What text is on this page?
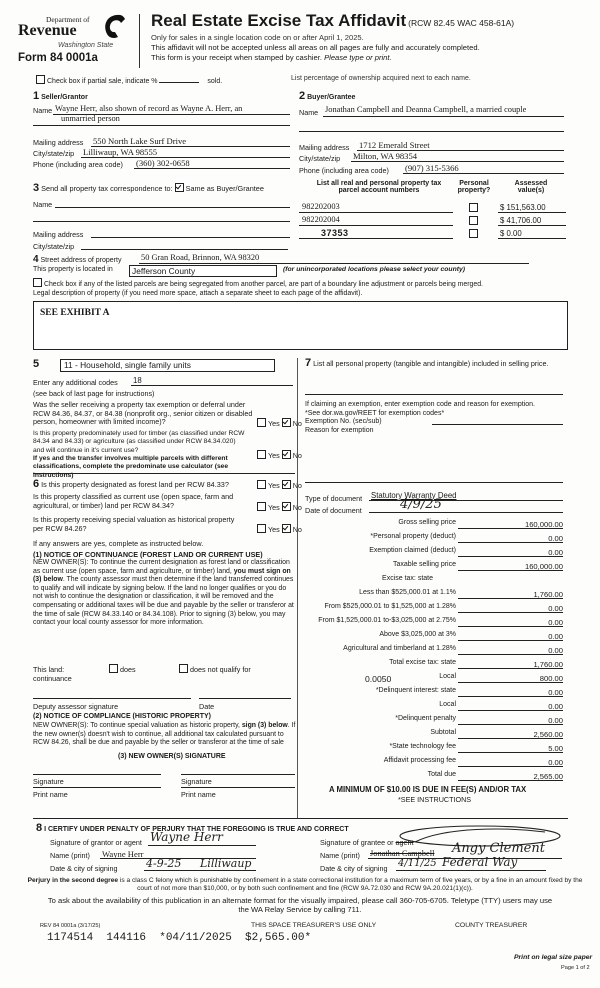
Department of
Revenue
Washington State
Form 84 0001a
Real Estate Excise Tax Affidavit (RCW 82.45 WAC 458-61A)
Only for sales in a single location code on or after April 1, 2025.
This affidavit will not be accepted unless all areas on all pages are fully and accurately completed.
This form is your receipt when stamped by cashier. Please type or print.
Check box if partial sale, indicate %	sold.	List percentage of ownership acquired next to each name.
1 Seller/Grantor
Name Wayne Herr, also shown of record as Wayne A. Herr, an
unmarried person
Mailing address 550 North Lake Surf Drive
City/state/zip Lilliwaup, WA 98555
Phone (including area code) (360) 302-0658
2 Buyer/Grantee
Name Jonathan Campbell and Deanna Campbell, a married couple
Mailing address 1712 Emerald Street
City/state/zip Milton, WA 98354
Phone (including area code) (907) 315-5366
3 Send all property tax correspondence to: Same as Buyer/Grantee
Name
Mailing address
City/state/zip
List all real and personal property tax parcel account numbers
Personal property?
Assessed value(s)
982202003	$ 151,563.00
982202004	$ 41,706.00
37353	$ 0.00
4 Street address of property 50 Gran Road, Brinnon, WA 98320
This property is located in	Jefferson County	(for unincorporated locations please select your county)
Check box if any of the listed parcels are being segregated from another parcel, are part of a boundary line adjustment or parcels being merged.
Legal description of property (if you need more space, attach a separate sheet to each page of the affidavit).
SEE EXHIBIT A
5	11 - Household, single family units
Enter any additional codes 18
(see back of last page for instructions)
Was the seller receiving a property tax exemption or deferral under RCW 84.36, 84.37, or 84.38 (nonprofit org., senior citizen or disabled person, homeowner with limited income)?	Yes No
Is this property predominately used for timber (as classified under RCW 84.34 and 84.33) or agriculture (as classified under RCW 84.34.020) and will continue in it's current use?
If yes and the transfer involves multiple parcels with different classifications, complete the predominate use calculator (see instructions)
Yes No
6 Is this property designated as forest land per RCW 84.33?	Yes No
Is this property classified as current use (open space, farm and agricultural, or timber) land per RCW 84.34?	Yes No
Is this property receiving special valuation as historical property per RCW 84.26?	Yes No
If any answers are yes, complete as instructed below.
(1) NOTICE OF CONTINUANCE (FOREST LAND OR CURRENT USE)
NEW OWNER(S): To continue the current designation as forest land or classification as current use (open space, farm and agriculture, or timber) land, you must sign on (3) below. The county assessor must then determine if the land transferred continues to qualify and will indicate by signing below. If the land no longer qualifies or you do not wish to continue the designation or classification, it will be removed and the compensating or additional taxes will be due and payable by the seller or transferor at the time of sale (RCW 84.33.140 or 84.34.108). Prior to signing (3) below, you may contact your local county assessor for more information.
This land:	does	does not qualify for
continuance
Deputy assessor signature	Date
(2) NOTICE OF COMPLIANCE (HISTORIC PROPERTY)
NEW OWNER(S): To continue special valuation as historic property, sign (3) below. If the new owner(s) doesn't wish to continue, all additional tax calculated pursuant to RCW 84.26, shall be due and payable by the seller or transferor at the time of sale
(3) NEW OWNER(S) SIGNATURE
Signature	Signature
Print name	Print name
7 List all personal property (tangible and intangible) included in selling price.
If claiming an exemption, enter exemption code and reason for exemption. *See dor.wa.gov/REET for exemption codes*
Exemption No. (sec/sub)
Reason for exemption
Type of document Statutory Warranty Deed
Date of document	4/9/25
Gross selling price	160,000.00
*Personal property (deduct)	0.00
Exemption claimed (deduct)	0.00
Taxable selling price	160,000.00
Excise tax: state
Less than $525,000.01 at 1.1%	1,760.00
From $525,000.01 to $1,525,000 at 1.28%	0.00
From $1,525,000.01 to-$3,025,000 at 2.75%	0.00
Above $3,025,000 at 3%	0.00
Agricultural and timberland at 1.28%	0.00
Total excise tax: state	1,760.00
0.0050	Local	800.00
*Delinquent interest: state	0.00
Local	0.00
*Delinquent penalty	0.00
Subtotal	2,560.00
*State technology fee	5.00
Affidavit processing fee	0.00
Total due	2,565.00
A MINIMUM OF $10.00 IS DUE IN FEE(S) AND/OR TAX
*SEE INSTRUCTIONS
8 I CERTIFY UNDER PENALTY OF PERJURY THAT THE FOREGOING IS TRUE AND CORRECT
Signature of grantor or agent Wayne Herr
Name (print) Wayne Herr
Date & city of signing	4-9-25 Lilliwaup
Signature of grantee or agent
Name (print) Jonathan Campbell Angy Clement
Date & city of signing 4/11/25 Federal Way
Perjury in the second degree is a class C felony which is punishable by confinement in a state correctional institution for a maximum term of five years, or by a fine in an amount fixed by the court of not more than $10,000, or by both such confinement and fine (RCW 9A.72.030 and RCW 9A.20.021(1)(c)).
To ask about the availability of this publication in an alternate format for the visually impaired, please call 360-705-6705. Teletype (TTY) users may use the WA Relay Service by calling 711.
REV 84 0001a (3/17/25)	THIS SPACE TREASURER'S USE ONLY	COUNTY TREASURER
1174514  144116  *04/11/2025  $2,565.00*
Print on legal size paper
Page 1 of 2
